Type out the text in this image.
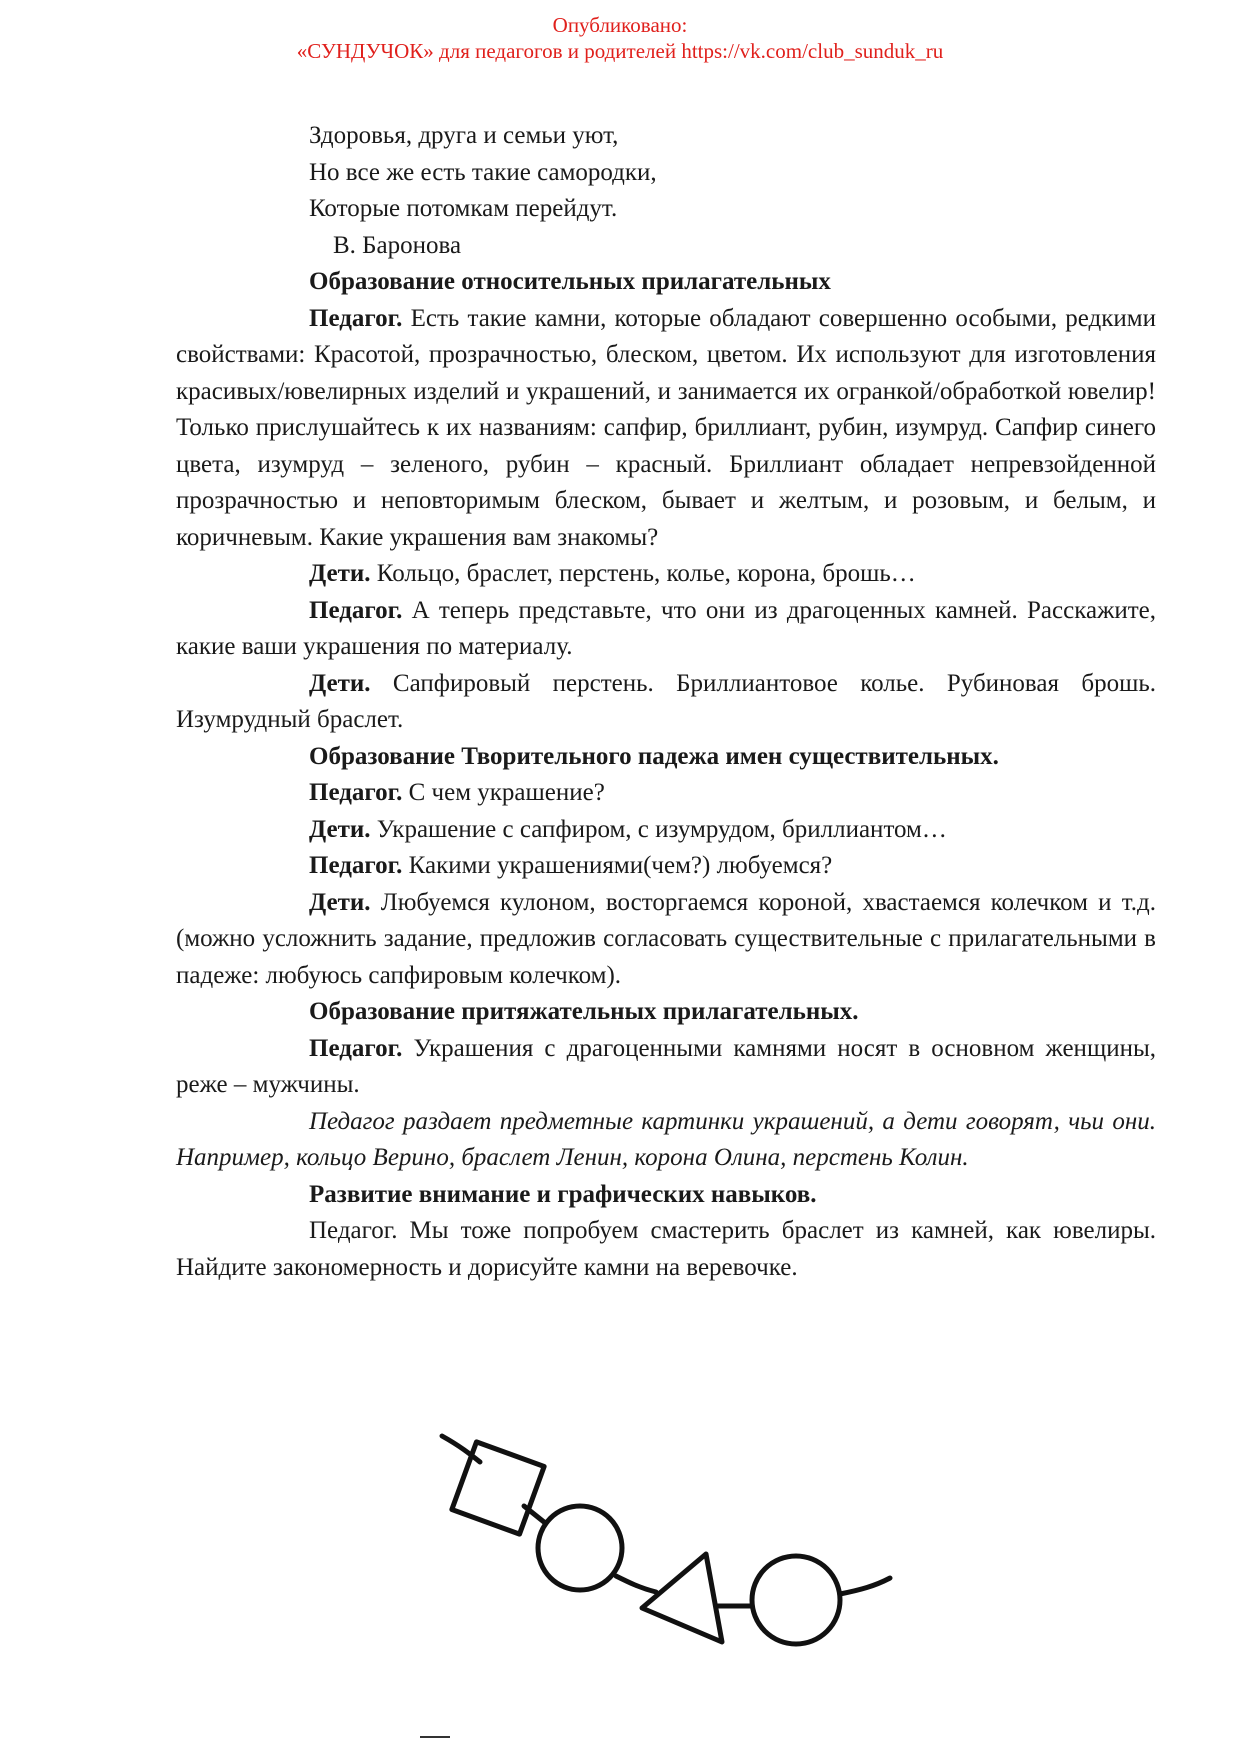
Опубликовано:
«СУНДУЧОК» для педагогов и родителей https://vk.com/club_sunduk_ru
Здоровья, друга и семьи уют,
Но все же есть такие самородки,
Которые потомкам перейдут.
В. Баронова
Образование относительных прилагательных

Педагог. Есть такие камни, которые обладают совершенно особыми, редкими свойствами: Красотой, прозрачностью, блеском, цветом. Их используют для изготовления красивых/ювелирных изделий и украшений, и занимается их огранкой/обработкой ювелир! Только прислушайтесь к их названиям: сапфир, бриллиант, рубин, изумруд. Сапфир синего цвета, изумруд – зеленого, рубин – красный. Бриллиант обладает непревзойденной прозрачностью и неповторимым блеском, бывает и желтым, и розовым, и белым, и коричневым. Какие украшения вам знакомы?

Дети. Кольцо, браслет, перстень, колье, корона, брошь…

Педагог. А теперь представьте, что они из драгоценных камней. Расскажите, какие ваши украшения по материалу.

Дети. Сапфировый перстень. Бриллиантовое колье. Рубиновая брошь. Изумрудный браслет.

Образование Творительного падежа имен существительных.

Педагог. С чем украшение?

Дети. Украшение с сапфиром, с изумрудом, бриллиантом…

Педагог. Какими украшениями(чем?) любуемся?

Дети. Любуемся кулоном, восторгаемся короной, хвастаемся колечком и т.д. (можно усложнить задание, предложив согласовать существительные с прилагательными в падеже: любуюсь сапфировым колечком).

Образование притяжательных прилагательных.

Педагог. Украшения с драгоценными камнями носят в основном женщины, реже – мужчины.

Педагог раздает предметные картинки украшений, а дети говорят, чьи они. Например, кольцо Верино, браслет Ленин, корона Олина, перстень Колин.

Развитие внимание и графических навыков.

Педагог. Мы тоже попробуем смастерить браслет из камней, как ювелиры. Найдите закономерность и дорисуйте камни на веревочке.
